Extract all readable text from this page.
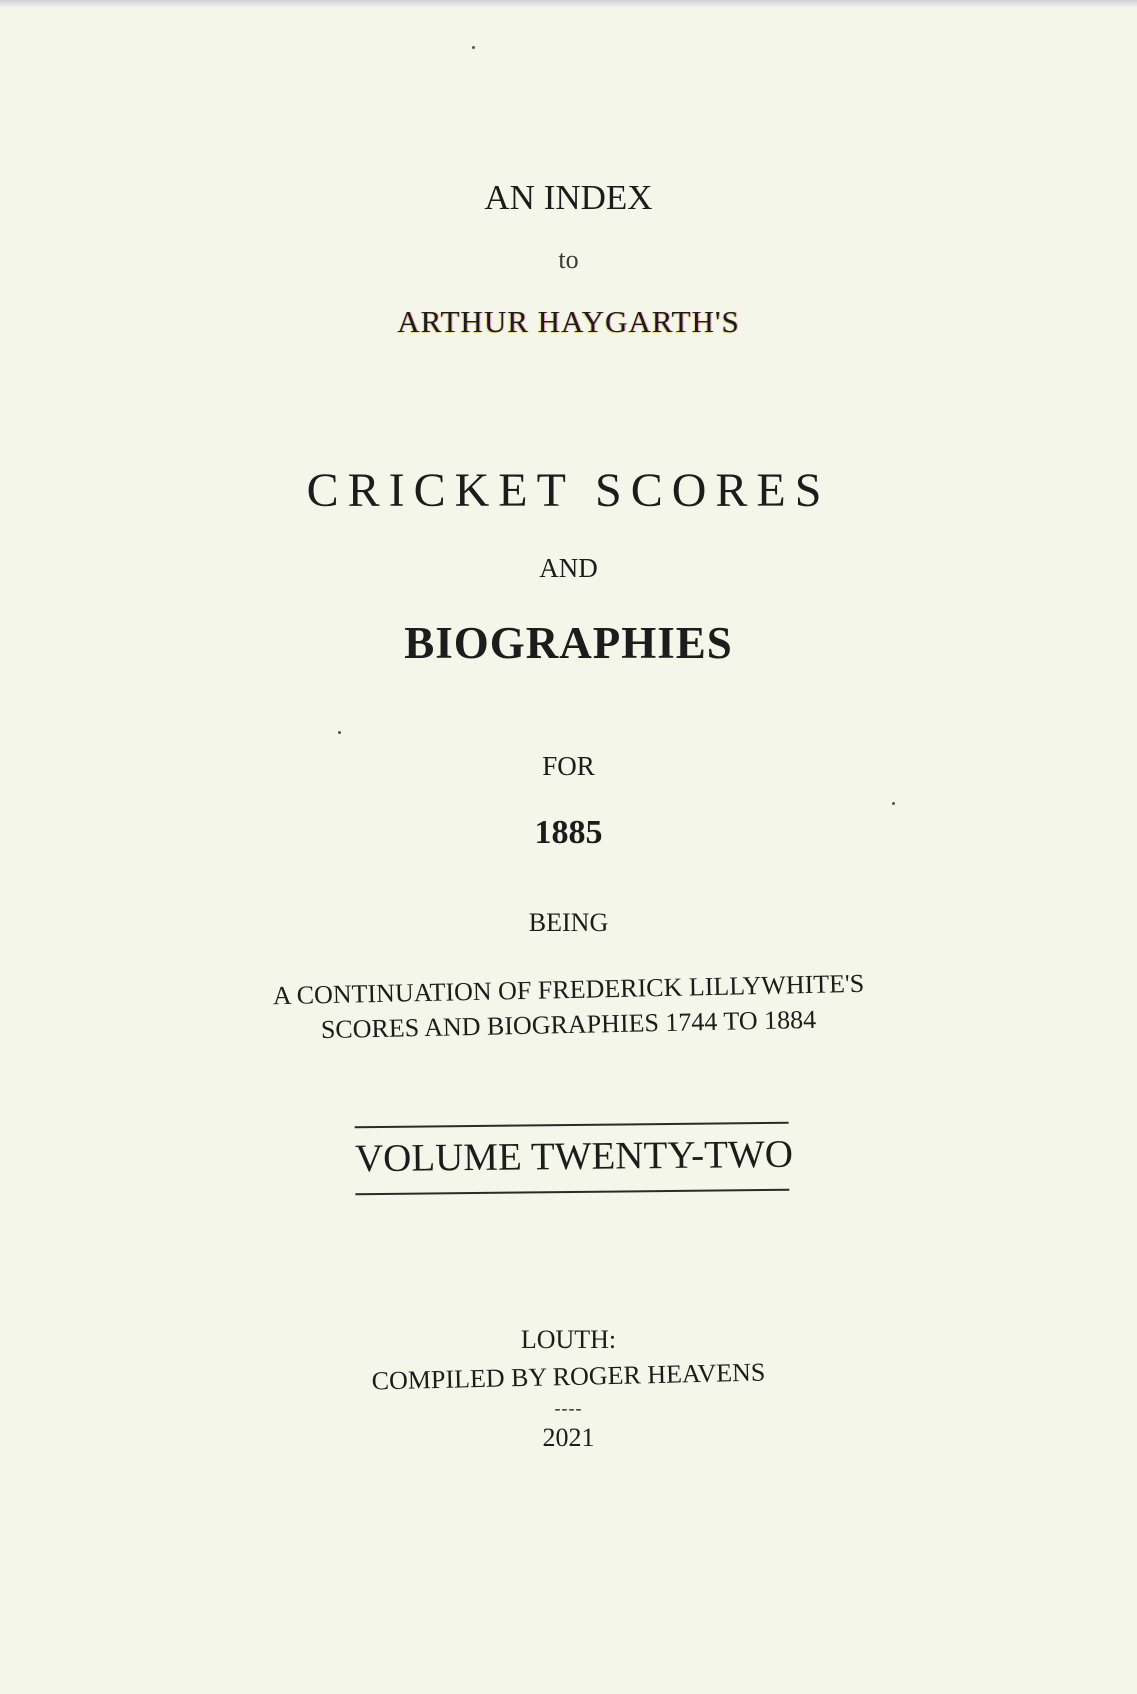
AN INDEX
to
ARTHUR HAYGARTH'S
CRICKET SCORES
AND
BIOGRAPHIES
FOR
1885
BEING
A CONTINUATION OF FREDERICK LILLYWHITE'S
SCORES AND BIOGRAPHIES 1744 TO 1884
VOLUME TWENTY-TWO
LOUTH:
COMPILED BY ROGER HEAVENS
----
2021
